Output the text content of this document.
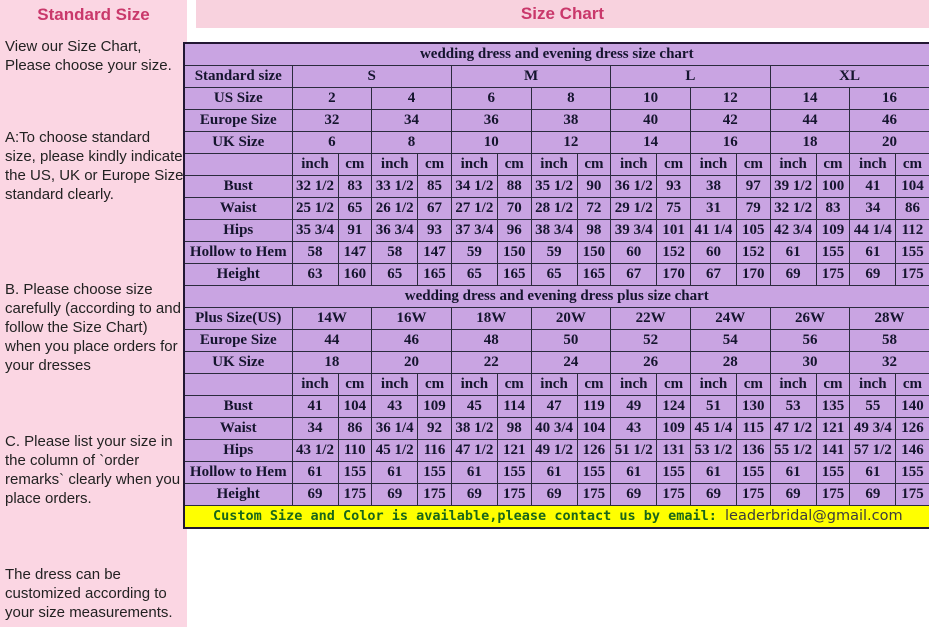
Standard Size

View our Size Chart, Please choose your size.

A:To choose standard size, please kindly indicate the US, UK or Europe Size standard clearly.

B. Please choose size carefully (according to and follow the Size Chart) when you place orders for your dresses

C. Please list your size in the column of `order remarks` clearly when you place orders.

The dress can be customized according to your size measurements.

Size Chart
wedding dress and evening dress size chart																
Standard size	S				M				L				XL			
US Size	2		4		6		8		10		12		14		16	
Europe Size	32		34		36		38		40		42		44		46	
UK Size	6		8		10		12		14		16		18		20	
	inch	cm	inch	cm	inch	cm	inch	cm	inch	cm	inch	cm	inch	cm	inch	cm
Bust	32 1/2	83	33 1/2	85	34 1/2	88	35 1/2	90	36 1/2	93	38	97	39 1/2	100	41	104
Waist	25 1/2	65	26 1/2	67	27 1/2	70	28 1/2	72	29 1/2	75	31	79	32 1/2	83	34	86
Hips	35 3/4	91	36 3/4	93	37 3/4	96	38 3/4	98	39 3/4	101	41 1/4	105	42 3/4	109	44 1/4	112
Hollow to Hem	58	147	58	147	59	150	59	150	60	152	60	152	61	155	61	155
Height	63	160	65	165	65	165	65	165	67	170	67	170	69	175	69	175
wedding dress and evening dress plus size chart																
Plus Size(US)	14W		16W		18W		20W		22W		24W		26W		28W	
Europe Size	44		46		48		50		52		54		56		58	
UK Size	18		20		22		24		26		28		30		32	
	inch	cm	inch	cm	inch	cm	inch	cm	inch	cm	inch	cm	inch	cm	inch	cm
Bust	41	104	43	109	45	114	47	119	49	124	51	130	53	135	55	140
Waist	34	86	36 1/4	92	38 1/2	98	40 3/4	104	43	109	45 1/4	115	47 1/2	121	49 3/4	126
Hips	43 1/2	110	45 1/2	116	47 1/2	121	49 1/2	126	51 1/2	131	53 1/2	136	55 1/2	141	57 1/2	146
Hollow to Hem	61	155	61	155	61	155	61	155	61	155	61	155	61	155	61	155
Height	69	175	69	175	69	175	69	175	69	175	69	175	69	175	69	175
Custom Size and Color is available,please contact us by email: leaderbridal@gmail.com																
